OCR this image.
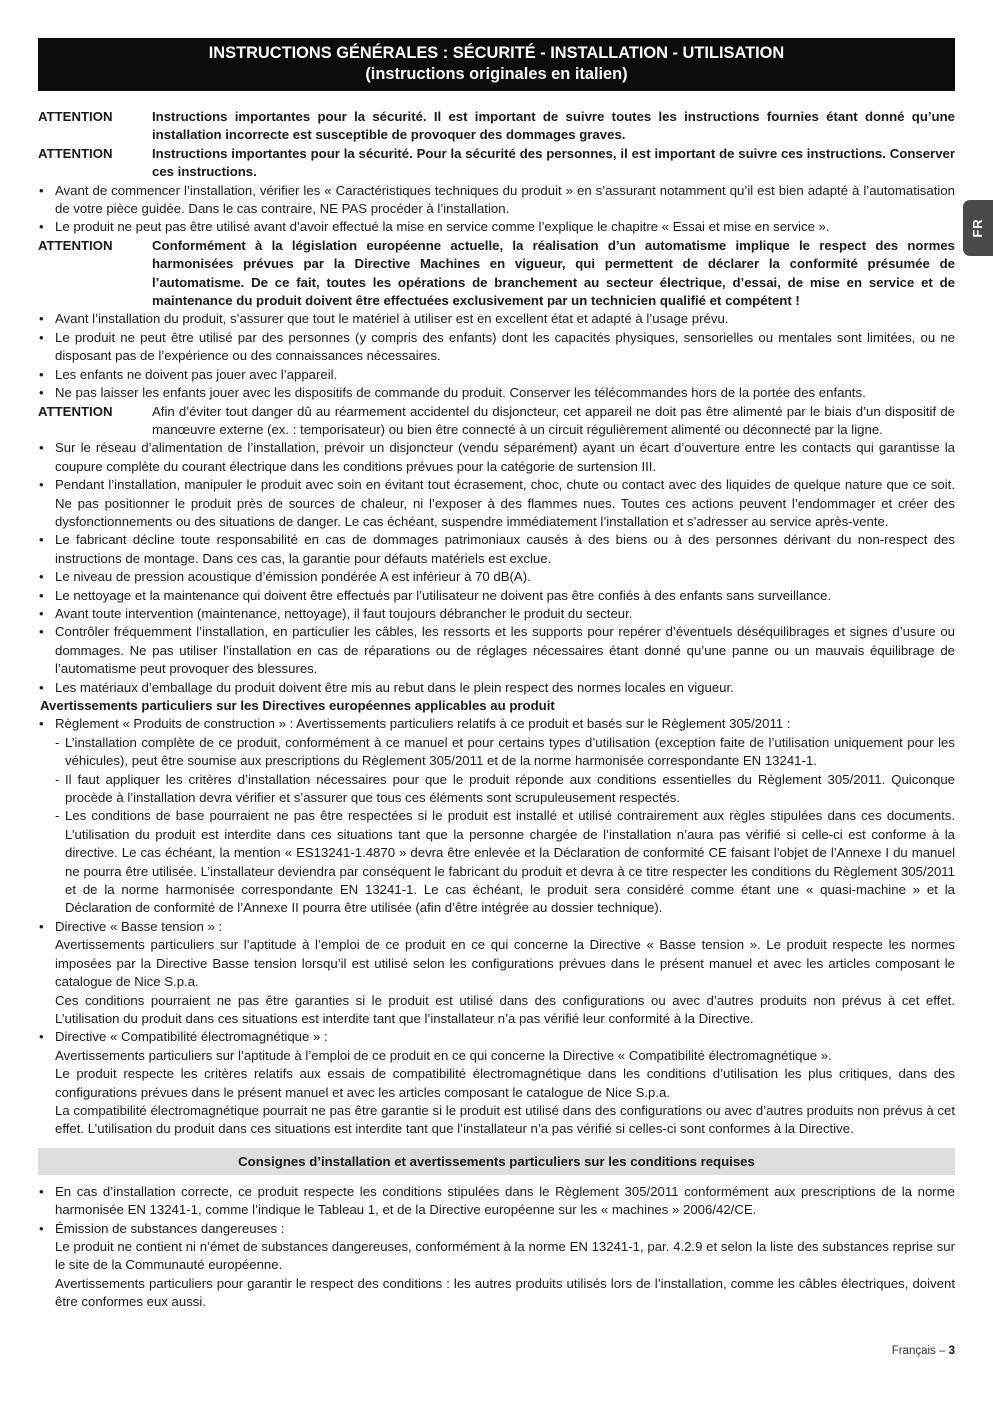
INSTRUCTIONS GÉNÉRALES : SÉCURITÉ - INSTALLATION - UTILISATION
(instructions originales en italien)
ATTENTION	Instructions importantes pour la sécurité. Il est important de suivre toutes les instructions fournies étant donné qu’une installation incorrecte est susceptible de provoquer des dommages graves.
ATTENTION	Instructions importantes pour la sécurité. Pour la sécurité des personnes, il est important de suivre ces instructions. Conserver ces instructions.
• Avant de commencer l’installation, vérifier les « Caractéristiques techniques du produit » en s’assurant notamment qu’il est bien adapté à l’automatisation de votre pièce guidée. Dans le cas contraire, NE PAS procéder à l’installation.
• Le produit ne peut pas être utilisé avant d’avoir effectué la mise en service comme l’explique le chapitre « Essai et mise en service ».
ATTENTION	Conformément à la législation européenne actuelle, la réalisation d’un automatisme implique le respect des normes harmonisées prévues par la Directive Machines en vigueur, qui permettent de déclarer la conformité présumée de l’automatisme. De ce fait, toutes les opérations de branchement au secteur électrique, d’essai, de mise en service et de maintenance du produit doivent être effectuées exclusivement par un technicien qualifié et compétent !
• Avant l’installation du produit, s’assurer que tout le matériel à utiliser est en excellent état et adapté à l’usage prévu.
• Le produit ne peut être utilisé par des personnes (y compris des enfants) dont les capacités physiques, sensorielles ou mentales sont limitées, ou ne disposant pas de l’expérience ou des connaissances nécessaires.
• Les enfants ne doivent pas jouer avec l’appareil.
• Ne pas laisser les enfants jouer avec les dispositifs de commande du produit. Conserver les télécommandes hors de la portée des enfants.
ATTENTION	Afin d’éviter tout danger dû au réarmement accidentel du disjoncteur, cet appareil ne doit pas être alimenté par le biais d’un dispositif de manœuvre externe (ex. : temporisateur) ou bien être connecté à un circuit régulièrement alimenté ou déconnecté par la ligne.
• Sur le réseau d’alimentation de l’installation, prévoir un disjoncteur (vendu séparément) ayant un écart d’ouverture entre les contacts qui garantisse la coupure complète du courant électrique dans les conditions prévues pour la catégorie de surtension III.
• Pendant l’installation, manipuler le produit avec soin en évitant tout écrasement, choc, chute ou contact avec des liquides de quelque nature que ce soit. Ne pas positionner le produit près de sources de chaleur, ni l’exposer à des flammes nues. Toutes ces actions peuvent l’endommager et créer des dysfonctionnements ou des situations de danger. Le cas échéant, suspendre immédiatement l’installation et s’adresser au service après-vente.
• Le fabricant décline toute responsabilité en cas de dommages patrimoniaux causés à des biens ou à des personnes dérivant du non-respect des instructions de montage. Dans ces cas, la garantie pour défauts matériels est exclue.
• Le niveau de pression acoustique d’émission pondérée A est inférieur à 70 dB(A).
• Le nettoyage et la maintenance qui doivent être effectués par l’utilisateur ne doivent pas être confiés à des enfants sans surveillance.
• Avant toute intervention (maintenance, nettoyage), il faut toujours débrancher le produit du secteur.
• Contrôler fréquemment l’installation, en particulier les câbles, les ressorts et les supports pour repérer d’éventuels déséquilibrages et signes d’usure ou dommages. Ne pas utiliser l’installation en cas de réparations ou de réglages nécessaires étant donné qu’une panne ou un mauvais équilibrage de l’automatisme peut provoquer des blessures.
• Les matériaux d’emballage du produit doivent être mis au rebut dans le plein respect des normes locales en vigueur.
Avertissements particuliers sur les Directives européennes applicables au produit
• Règlement « Produits de construction » : Avertissements particuliers relatifs à ce produit et basés sur le Règlement 305/2011 :
- L’installation complète de ce produit, conformément à ce manuel et pour certains types d’utilisation (exception faite de l’utilisation uniquement pour les véhicules), peut être soumise aux prescriptions du Règlement 305/2011 et de la norme harmonisée correspondante EN 13241-1.
- Il faut appliquer les critères d’installation nécessaires pour que le produit réponde aux conditions essentielles du Règlement 305/2011. Quiconque procède à l’installation devra vérifier et s’assurer que tous ces éléments sont scrupuleusement respectés.
- Les conditions de base pourraient ne pas être respectées si le produit est installé et utilisé contrairement aux règles stipulées dans ces documents. L’utilisation du produit est interdite dans ces situations tant que la personne chargée de l’installation n’aura pas vérifié si celle-ci est conforme à la directive. Le cas échéant, la mention « ES13241-1.4870 » devra être enlevée et la Déclaration de conformité CE faisant l’objet de l’Annexe I du manuel ne pourra être utilisée. L’installateur deviendra par conséquent le fabricant du produit et devra à ce titre respecter les conditions du Règlement 305/2011 et de la norme harmonisée correspondante EN 13241-1. Le cas échéant, le produit sera considéré comme étant une « quasi-machine » et la Déclaration de conformité de l’Annexe II pourra être utilisée (afin d’être intégrée au dossier technique).
• Directive « Basse tension » :
Avertissements particuliers sur l’aptitude à l’emploi de ce produit en ce qui concerne la Directive « Basse tension ». Le produit respecte les normes imposées par la Directive Basse tension lorsqu’il est utilisé selon les configurations prévues dans le présent manuel et avec les articles composant le catalogue de Nice S.p.a.
Ces conditions pourraient ne pas être garanties si le produit est utilisé dans des configurations ou avec d’autres produits non prévus à cet effet. L’utilisation du produit dans ces situations est interdite tant que l’installateur n’a pas vérifié leur conformité à la Directive.
• Directive « Compatibilité électromagnétique » :
Avertissements particuliers sur l’aptitude à l’emploi de ce produit en ce qui concerne la Directive « Compatibilité électromagnétique ».
Le produit respecte les critères relatifs aux essais de compatibilité électromagnétique dans les conditions d’utilisation les plus critiques, dans des configurations prévues dans le présent manuel et avec les articles composant le catalogue de Nice S.p.a.
La compatibilité électromagnétique pourrait ne pas être garantie si le produit est utilisé dans des configurations ou avec d’autres produits non prévus à cet effet. L’utilisation du produit dans ces situations est interdite tant que l’installateur n’a pas vérifié si celles-ci sont conformes à la Directive.
Consignes d’installation et avertissements particuliers sur les conditions requises
• En cas d’installation correcte, ce produit respecte les conditions stipulées dans le Règlement 305/2011 conformément aux prescriptions de la norme harmonisée EN 13241-1, comme l’indique le Tableau 1, et de la Directive européenne sur les « machines » 2006/42/CE.
• Émission de substances dangereuses :
Le produit ne contient ni n’émet de substances dangereuses, conformément à la norme EN 13241-1, par. 4.2.9 et selon la liste des substances reprise sur le site de la Communauté européenne.
Avertissements particuliers pour garantir le respect des conditions : les autres produits utilisés lors de l’installation, comme les câbles électriques, doivent être conformes eux aussi.
FR
Français – 3
